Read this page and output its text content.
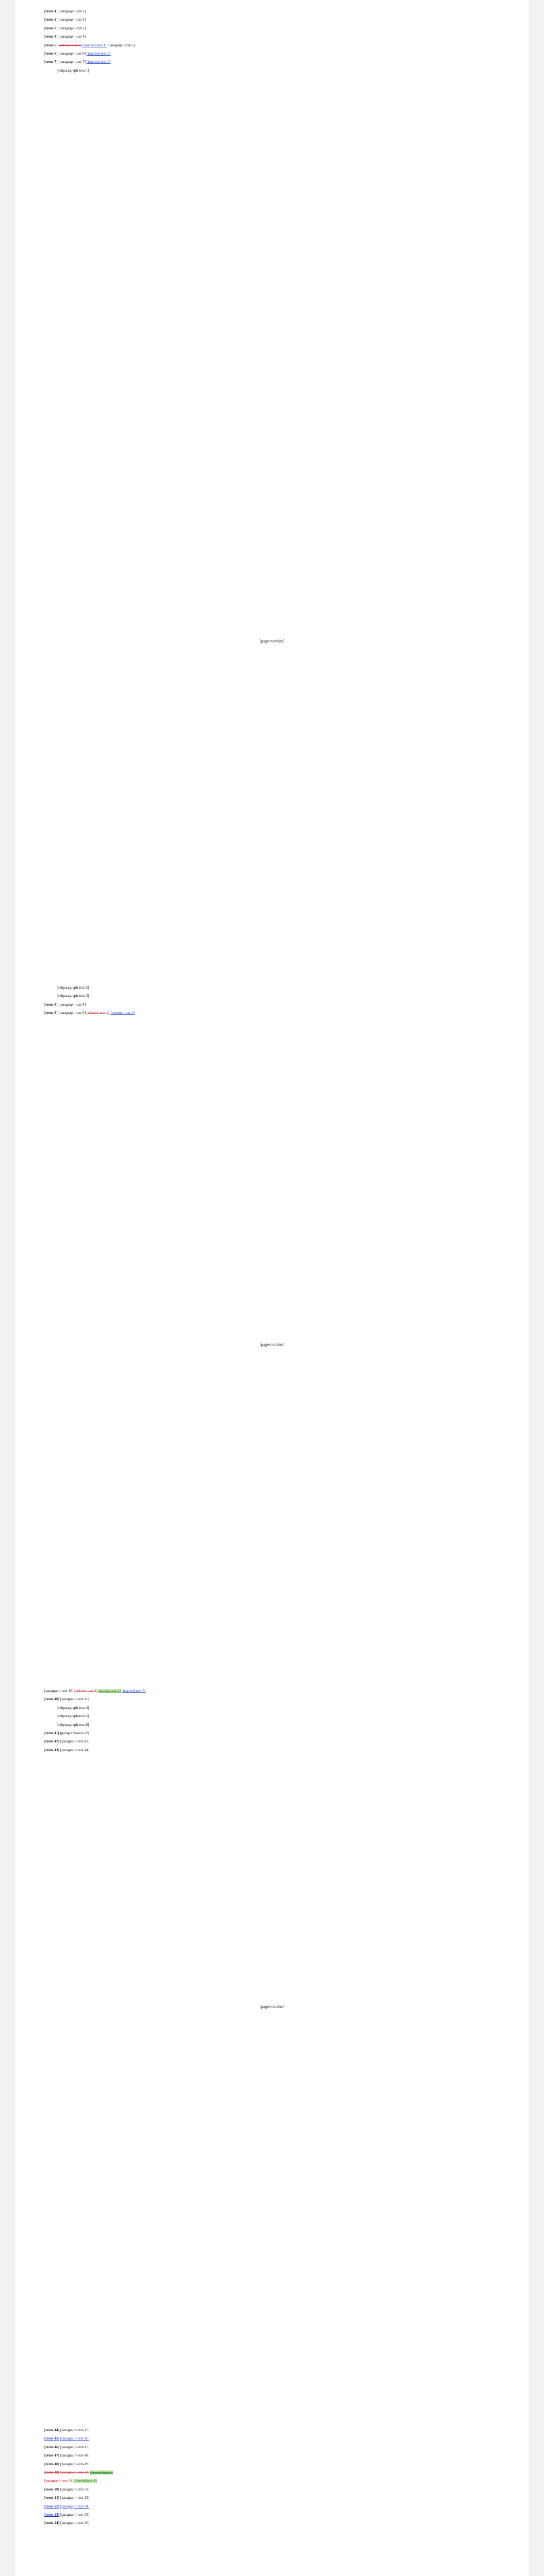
[term-1] [paragraph-text-1]

[term-2] [paragraph-text-2]

[term-3] [paragraph-text-3]

[term-4] [paragraph-text-4]

[term-5] [deleted-text-1] [inserted-text-1] [paragraph-text-5]

[term-6] [paragraph-text-6] [inserted-text-2]

[term-7] [paragraph-text-7] [inserted-text-3]

[subparagraph-text-1]

[page-number]

[subparagraph-text-2]

[subparagraph-text-3]

[term-8] [paragraph-text-8]

[term-9] [paragraph-text-9] [deleted-text-2] [inserted-text-4]

[page-number]

[paragraph-text-10] [deleted-text-3] [moved-text-1] [inserted-text-5]

[term-10] [paragraph-text-11]

[subparagraph-text-4]

[subparagraph-text-5]

[subparagraph-text-6]

[term-11] [paragraph-text-12]

[term-12] [paragraph-text-13]

[term-13] [paragraph-text-14]

[page-number]

[term-14] [paragraph-text-15]

[term-15] [paragraph-text-16]

[term-16] [paragraph-text-17]

[term-17] [paragraph-text-18]

[term-18] [paragraph-text-19]

[term-19] [paragraph-text-20] [moved-text-2]

[paragraph-text-21] [moved-text-3]

[term-20] [paragraph-text-22]

[term-21] [paragraph-text-23]

[term-22] [paragraph-text-24]

[term-23] [paragraph-text-25]

[term-24] [paragraph-text-26]
